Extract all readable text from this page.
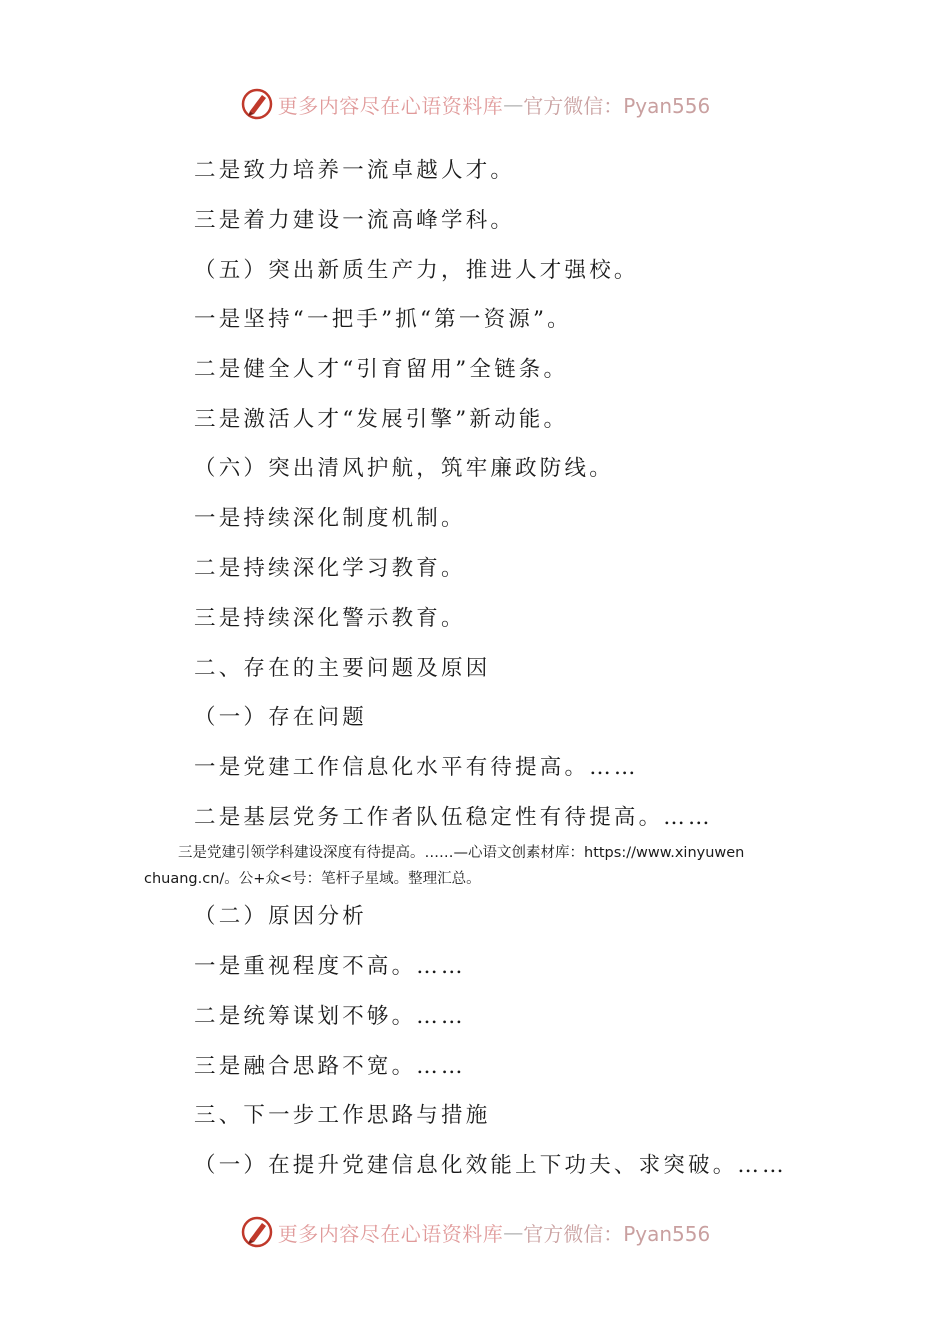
更多内容尽在心语资料库 — 官方微信：Pyan556
二是致力培养一流卓越人才。
三是着力建设一流高峰学科。
（五）突出新质生产力，推进人才强校。
一是坚持“一把手”抓“第一资源”。
二是健全人才“引育留用”全链条。
三是激活人才“发展引擎”新动能。
（六）突出清风护航，筑牢廉政防线。
一是持续深化制度机制。
二是持续深化学习教育。
三是持续深化警示教育。
二、存在的主要问题及原因
（一）存在问题
一是党建工作信息化水平有待提高。……
二是基层党务工作者队伍稳定性有待提高。……
三是党建引领学科建设深度有待提高。……—心语文创素材库：https://www.xinyuwen
chuang.cn/。公+众<号：笔杆子星域。整理汇总。
（二）原因分析
一是重视程度不高。……
二是统筹谋划不够。……
三是融合思路不宽。……
三、下一步工作思路与措施
（一）在提升党建信息化效能上下功夫、求突破。……
更多内容尽在心语资料库 — 官方微信：Pyan556
